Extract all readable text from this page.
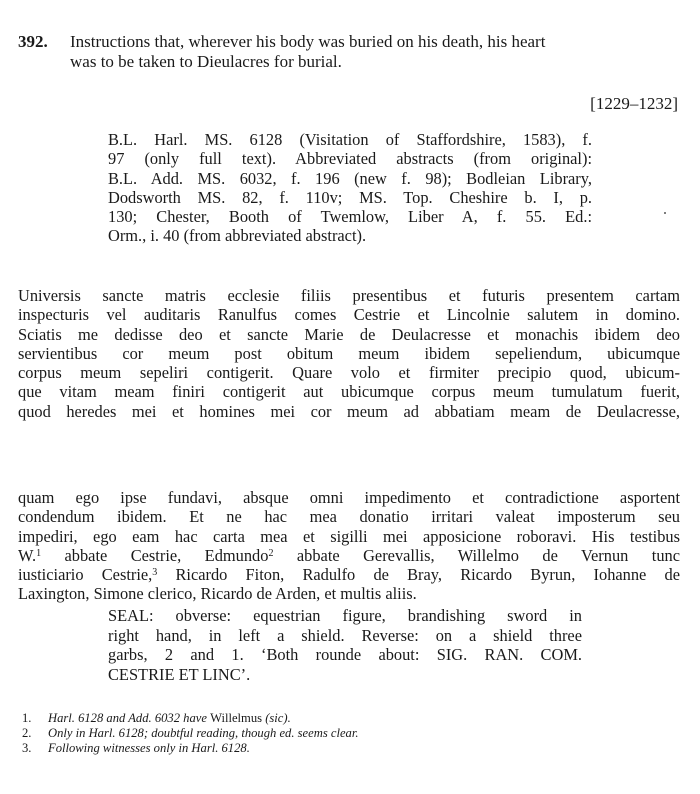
392. Instructions that, wherever his body was buried on his death, his heart
was to be taken to Dieulacres for burial.

[1229–1232]
B.L. Harl. MS. 6128 (Visitation of Staffordshire, 1583), f.
97 (only full text). Abbreviated abstracts (from original):
B.L. Add. MS. 6032, f. 196 (new f. 98); Bodleian Library,
Dodsworth MS. 82, f. 110v; MS. Top. Cheshire b. I, p.
130; Chester, Booth of Twemlow, Liber A, f. 55. Ed.:
Orm., i. 40 (from abbreviated abstract).
Universis sancte matris ecclesie filiis presentibus et futuris presentem cartam
inspecturis vel auditaris Ranulfus comes Cestrie et Lincolnie salutem in domino.
Sciatis me dedisse deo et sancte Marie de Deulacresse et monachis ibidem deo
servientibus cor meum post obitum meum ibidem sepeliendum, ubicumque
corpus meum sepeliri contigerit. Quare volo et firmiter precipio quod, ubicum-
que vitam meam finiri contigerit aut ubicumque corpus meum tumulatum fuerit,
quod heredes mei et homines mei cor meum ad abbatiam meam de Deulacresse,
quam ego ipse fundavi, absque omni impedimento et contradictione asportent
condendum ibidem. Et ne hac mea donatio irritari valeat imposterum seu
impediri, ego eam hac carta mea et sigilli mei apposicione roboravi. His testibus
W.$^1$ abbate Cestrie, Edmundo$^2$ abbate Gerevallis, Willelmo de Vernun tunc
iusticiario Cestrie,$^3$ Ricardo Fiton, Radulfo de Bray, Ricardo Byrun, Iohanne de
Laxington, Simone clerico, Ricardo de Arden, et multis aliis.
SEAL: obverse: equestrian figure, brandishing sword in
right hand, in left a shield. Reverse: on a shield three
garbs, 2 and 1. ‘Both rounde about: SIG. RAN. COM.
CESTRIE ET LINC’.
1. Harl. 6128 and Add. 6032 have Willelmus (sic).
2. Only in Harl. 6128; doubtful reading, though ed. seems clear.
3. Following witnesses only in Harl. 6128.
